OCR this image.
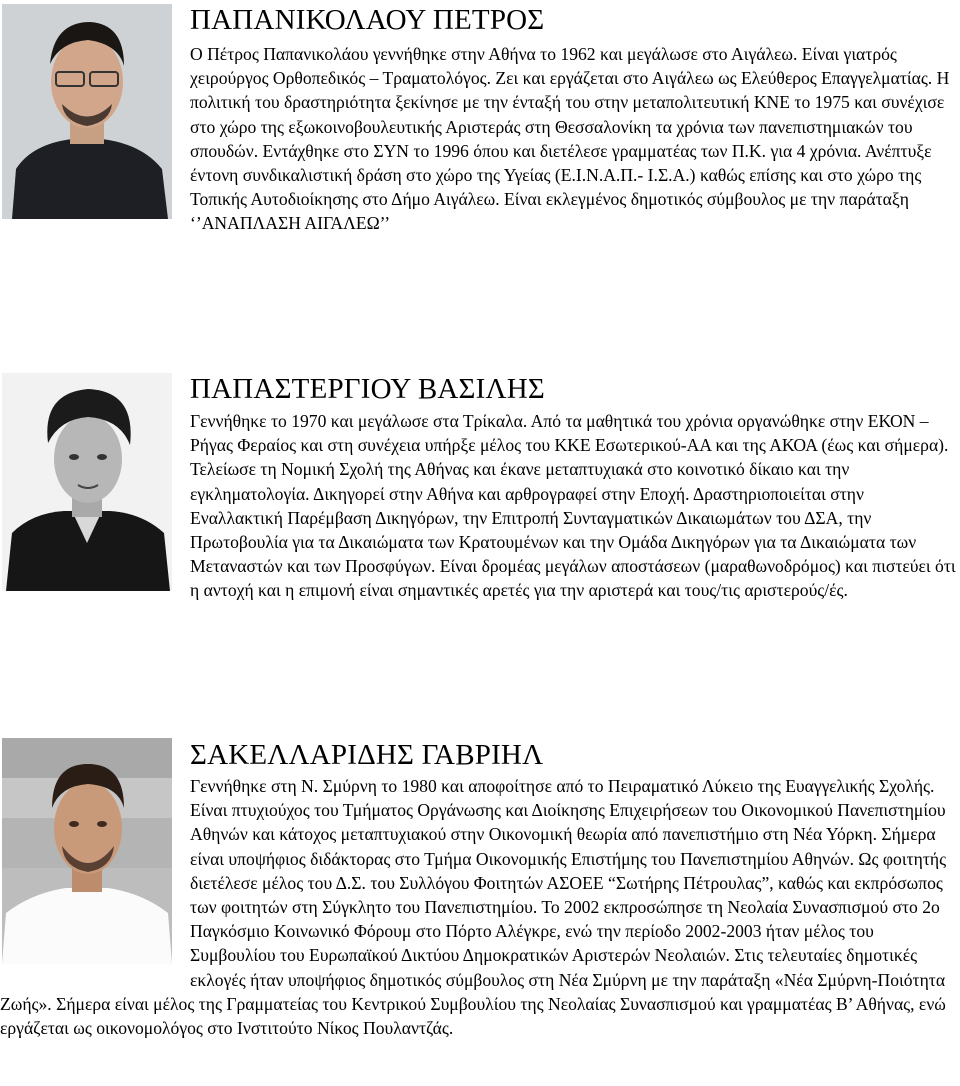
ΠΑΠΑΝΙΚΟΛΑΟΥ ΠΕΤΡΟΣ

Ο Πέτρος Παπανικολάου γεννήθηκε στην Αθήνα το 1962 και μεγάλωσε στο Αιγάλεω. Είναι γιατρός χειρούργος Ορθοπεδικός – Τραματολόγος. Ζει και εργάζεται στο Αιγάλεω ως Ελεύθερος Επαγγελματίας. Η πολιτική του δραστηριότητα ξεκίνησε με την ένταξή του στην μεταπολιτευτική ΚΝΕ το 1975 και συνέχισε στο χώρο της εξωκοινοβουλευτικής Αριστεράς στη Θεσσαλονίκη τα χρόνια των πανεπιστημιακών του σπουδών. Εντάχθηκε στο ΣΥΝ το 1996 όπου και διετέλεσε γραμματέας των Π.Κ. για 4 χρόνια. Ανέπτυξε έντονη συνδικαλιστική δράση στο χώρο της Υγείας (Ε.Ι.Ν.Α.Π.- Ι.Σ.Α.) καθώς επίσης και στο χώρο της Τοπικής Αυτοδιοίκησης στο Δήμο Αιγάλεω. Είναι εκλεγμένος δημοτικός σύμβουλος με την παράταξη ‘’ΑΝΑΠΛΑΣΗ ΑΙΓΑΛΕΩ’’

ΠΑΠΑΣΤΕΡΓΙΟΥ ΒΑΣΙΛΗΣ

Γεννήθηκε το 1970 και μεγάλωσε στα Τρίκαλα. Από τα μαθητικά του χρόνια οργανώθηκε στην ΕΚΟΝ – Ρήγας Φεραίος και στη συνέχεια υπήρξε μέλος του ΚΚΕ Εσωτερικού-ΑΑ και της ΑΚΟΑ (έως και σήμερα). Τελείωσε τη Νομική Σχολή της Αθήνας και έκανε μεταπτυχιακά στο κοινοτικό δίκαιο και την εγκληματολογία. Δικηγορεί στην Αθήνα και αρθρογραφεί στην Εποχή. Δραστηριοποιείται στην Εναλλακτική Παρέμβαση Δικηγόρων, την Επιτροπή Συνταγματικών Δικαιωμάτων του ΔΣΑ, την Πρωτοβουλία για τα Δικαιώματα των Κρατουμένων και την Ομάδα Δικηγόρων για τα Δικαιώματα των Μεταναστών και των Προσφύγων. Είναι δρομέας μεγάλων αποστάσεων (μαραθωνοδρόμος) και πιστεύει ότι η αντοχή και η επιμονή είναι σημαντικές αρετές για την αριστερά και τους/τις αριστερούς/ές.

ΣΑΚΕΛΛΑΡΙΔΗΣ ΓΑΒΡΙΗΛ

Γεννήθηκε στη Ν. Σμύρνη το 1980 και αποφοίτησε από το Πειραματικό Λύκειο της Ευαγγελικής Σχολής. Είναι πτυχιούχος του Τμήματος Οργάνωσης και Διοίκησης Επιχειρήσεων του Οικονομικού Πανεπιστημίου Αθηνών και κάτοχος μεταπτυχιακού στην Οικονομική θεωρία από πανεπιστήμιο στη Νέα Υόρκη. Σήμερα είναι υποψήφιος διδάκτορας στο Τμήμα Οικονομικής Επιστήμης του Πανεπιστημίου Αθηνών. Ως φοιτητής διετέλεσε μέλος του Δ.Σ. του Συλλόγου Φοιτητών ΑΣΟΕΕ “Σωτήρης Πέτρουλας”, καθώς και εκπρόσωπος των φοιτητών στη Σύγκλητο του Πανεπιστημίου. Το 2002 εκπροσώπησε τη Νεολαία Συνασπισμού στο 2ο Παγκόσμιο Κοινωνικό Φόρουμ στο Πόρτο Αλέγκρε, ενώ την περίοδο 2002-2003 ήταν μέλος του Συμβουλίου του Ευρωπαϊκού Δικτύου Δημοκρατικών Αριστερών Νεολαιών. Στις τελευταίες δημοτικές εκλογές ήταν υποψήφιος δημοτικός σύμβουλος στη Νέα Σμύρνη με την παράταξη «Νέα Σμύρνη-Ποιότητα Ζωής». Σήμερα είναι μέλος της Γραμματείας του Κεντρικού Συμβουλίου της Νεολαίας Συνασπισμού και γραμματέας Β’ Αθήνας, ενώ εργάζεται ως οικονομολόγος στο Ινστιτούτο Νίκος Πουλαντζάς.
